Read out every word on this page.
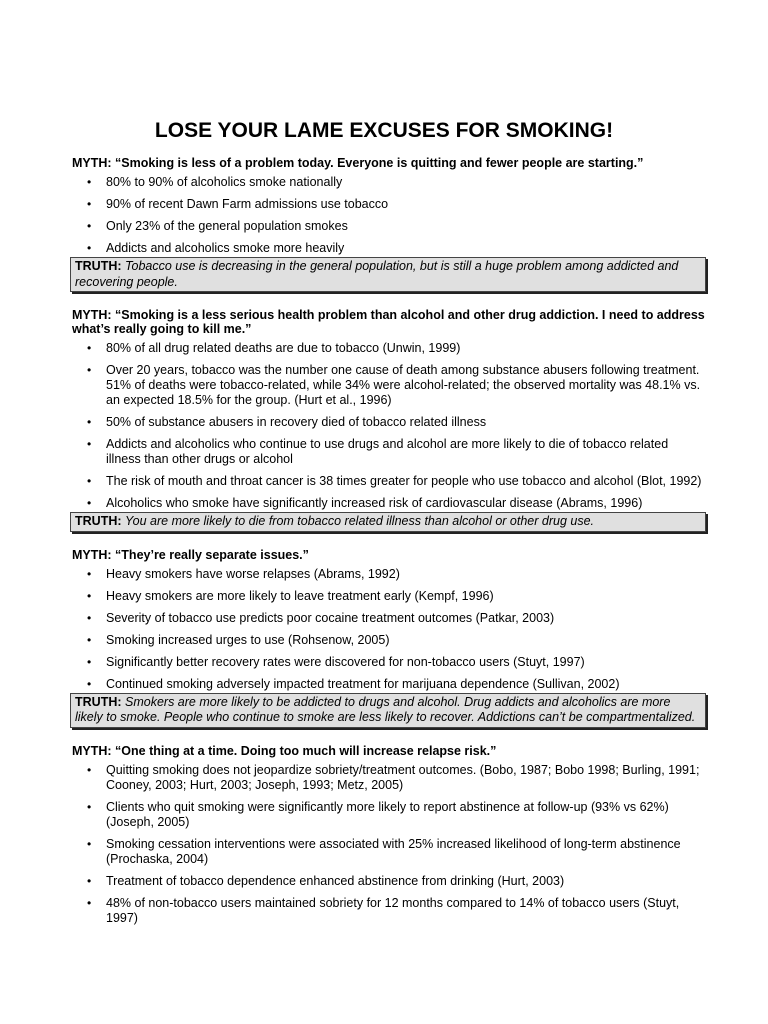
LOSE YOUR LAME EXCUSES FOR SMOKING!
MYTH: “Smoking is less of a problem today. Everyone is quitting and fewer people are starting.”
• 80% to 90% of alcoholics smoke nationally
• 90% of recent Dawn Farm admissions use tobacco
• Only 23% of the general population smokes
• Addicts and alcoholics smoke more heavily
TRUTH: Tobacco use is decreasing in the general population, but is still a huge problem among addicted and recovering people.
MYTH: “Smoking is a less serious health problem than alcohol and other drug addiction. I need to address what’s really going to kill me.”
• 80% of all drug related deaths are due to tobacco (Unwin, 1999)
• Over 20 years, tobacco was the number one cause of death among substance abusers following treatment. 51% of deaths were tobacco-related, while 34% were alcohol-related; the observed mortality was 48.1% vs. an expected 18.5% for the group. (Hurt et al., 1996)
• 50% of substance abusers in recovery died of tobacco related illness
• Addicts and alcoholics who continue to use drugs and alcohol are more likely to die of tobacco related illness than other drugs or alcohol
• The risk of mouth and throat cancer is 38 times greater for people who use tobacco and alcohol (Blot, 1992)
• Alcoholics who smoke have significantly increased risk of cardiovascular disease (Abrams, 1996)
TRUTH: You are more likely to die from tobacco related illness than alcohol or other drug use.
MYTH: “They’re really separate issues.”
• Heavy smokers have worse relapses (Abrams, 1992)
• Heavy smokers are more likely to leave treatment early (Kempf, 1996)
• Severity of tobacco use predicts poor cocaine treatment outcomes (Patkar, 2003)
• Smoking increased urges to use (Rohsenow, 2005)
• Significantly better recovery rates were discovered for non-tobacco users (Stuyt, 1997)
• Continued smoking adversely impacted treatment for marijuana dependence (Sullivan, 2002)
TRUTH: Smokers are more likely to be addicted to drugs and alcohol. Drug addicts and alcoholics are more likely to smoke. People who continue to smoke are less likely to recover. Addictions can’t be compartmentalized.
MYTH: “One thing at a time. Doing too much will increase relapse risk.”
• Quitting smoking does not jeopardize sobriety/treatment outcomes. (Bobo, 1987; Bobo 1998; Burling, 1991; Cooney, 2003; Hurt, 2003; Joseph, 1993; Metz, 2005)
• Clients who quit smoking were significantly more likely to report abstinence at follow-up (93% vs 62%) (Joseph, 2005)
• Smoking cessation interventions were associated with 25% increased likelihood of long-term abstinence (Prochaska, 2004)
• Treatment of tobacco dependence enhanced abstinence from drinking (Hurt, 2003)
• 48% of non-tobacco users maintained sobriety for 12 months compared to 14% of tobacco users (Stuyt, 1997)
